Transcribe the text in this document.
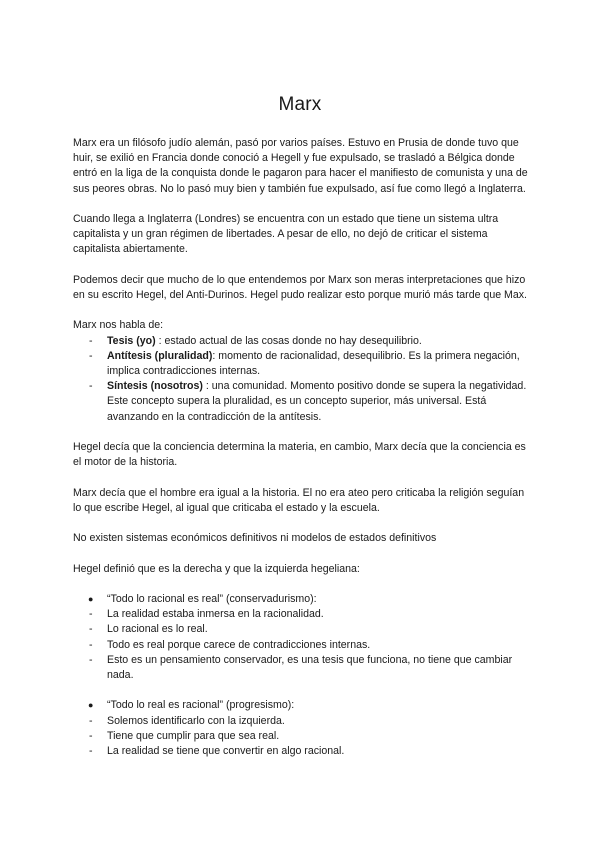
Marx

Marx era un filósofo judío alemán, pasó por varios países. Estuvo en Prusia de donde tuvo que huir, se exilió en Francia donde conoció a Hegell y fue expulsado, se trasladó a Bélgica donde entró en la liga de la conquista donde le pagaron para hacer el manifiesto de comunista y una de sus peores obras. No lo pasó muy bien y también fue expulsado, así fue como llegó a Inglaterra.

Cuando llega a Inglaterra (Londres) se encuentra con un estado que tiene un sistema ultra capitalista y un gran régimen de libertades. A pesar de ello, no dejó de criticar el sistema capitalista abiertamente.

Podemos decir que mucho de lo que entendemos por Marx son meras interpretaciones que hizo en su escrito Hegel, del Anti-Durinos. Hegel pudo realizar esto porque murió más tarde que Max.

Marx nos habla de:

- Tesis (yo) : estado actual de las cosas donde no hay desequilibrio.
- Antítesis (pluralidad): momento de racionalidad, desequilibrio. Es la primera negación, implica contradicciones internas.
- Síntesis (nosotros) : una comunidad. Momento positivo donde se supera la negatividad. Este concepto supera la pluralidad, es un concepto superior, más universal. Está avanzando en la contradicción de la antítesis.

Hegel decía que la conciencia determina la materia, en cambio, Marx decía que la conciencia es el motor de la historia.

Marx decía que el hombre era igual a la historia. El no era ateo pero criticaba la religión seguían lo que escribe Hegel, al igual que criticaba el estado y la escuela.

No existen sistemas económicos definitivos ni modelos de estados definitivos

Hegel definió que es la derecha y que la izquierda hegeliana:

● “Todo lo racional es real” (conservadurismo):
- La realidad estaba inmersa en la racionalidad.
- Lo racional es lo real.
- Todo es real porque carece de contradicciones internas.
- Esto es un pensamiento conservador, es una tesis que funciona, no tiene que cambiar nada.
● “Todo lo real es racional” (progresismo):
- Solemos identificarlo con la izquierda.
- Tiene que cumplir para que sea real.
- La realidad se tiene que convertir en algo racional.
